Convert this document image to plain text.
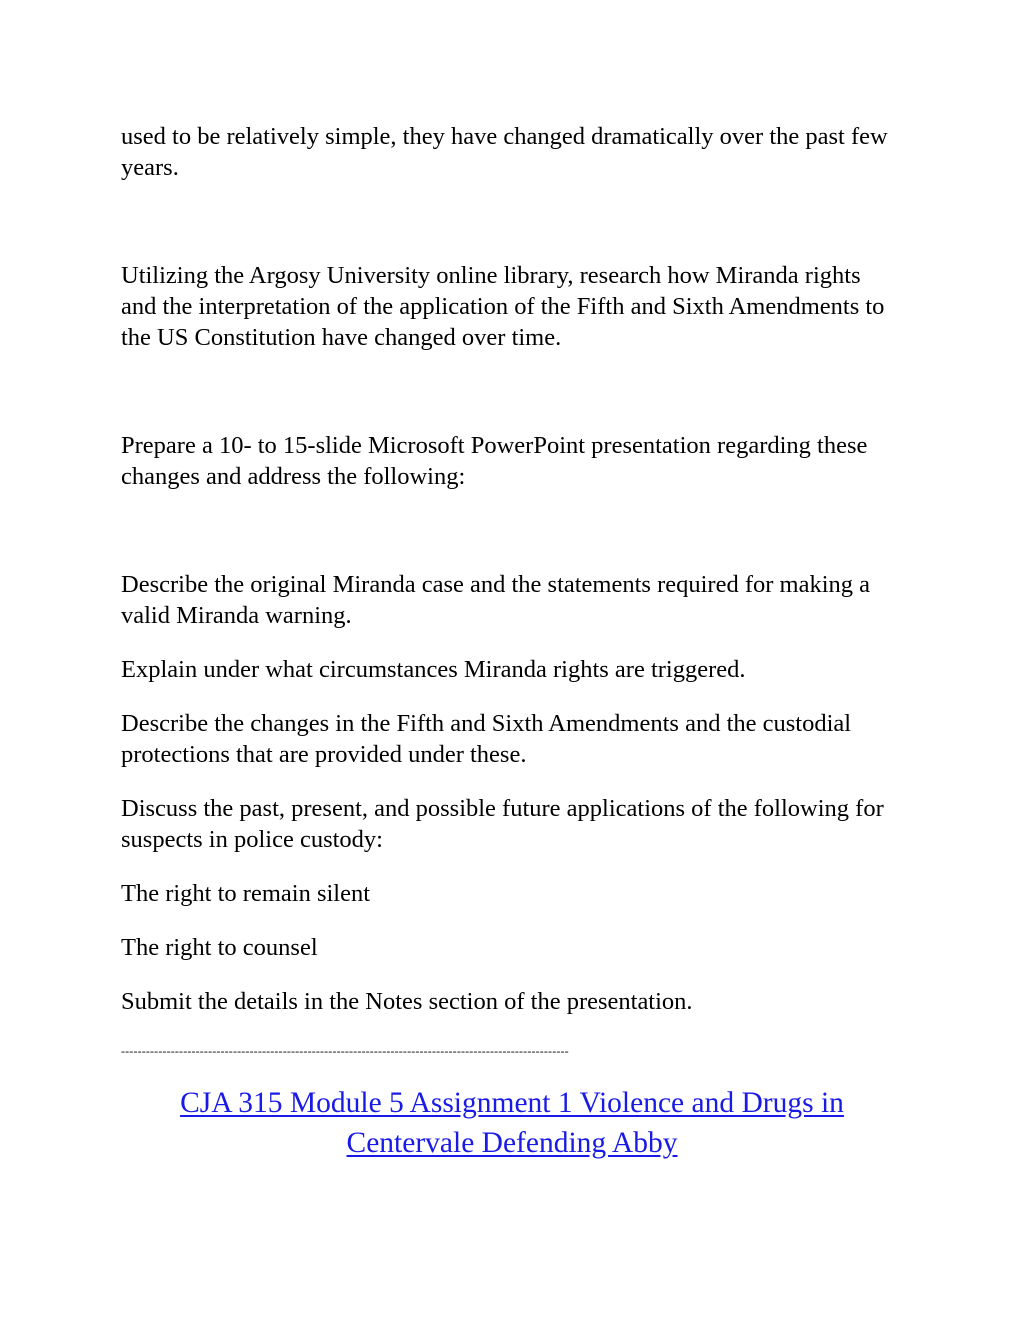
used to be relatively simple, they have changed dramatically over the past few years.

Utilizing the Argosy University online library, research how Miranda rights and the interpretation of the application of the Fifth and Sixth Amendments to the US Constitution have changed over time.

Prepare a 10- to 15-slide Microsoft PowerPoint presentation regarding these changes and address the following:

Describe the original Miranda case and the statements required for making a valid Miranda warning.

Explain under what circumstances Miranda rights are triggered.

Describe the changes in the Fifth and Sixth Amendments and the custodial protections that are provided under these.

Discuss the past, present, and possible future applications of the following for suspects in police custody:

The right to remain silent

The right to counsel

Submit the details in the Notes section of the presentation.

------------------------------------------------------------------------------------------------------------

CJA 315 Module 5 Assignment 1 Violence and Drugs in Centervale Defending Abby
